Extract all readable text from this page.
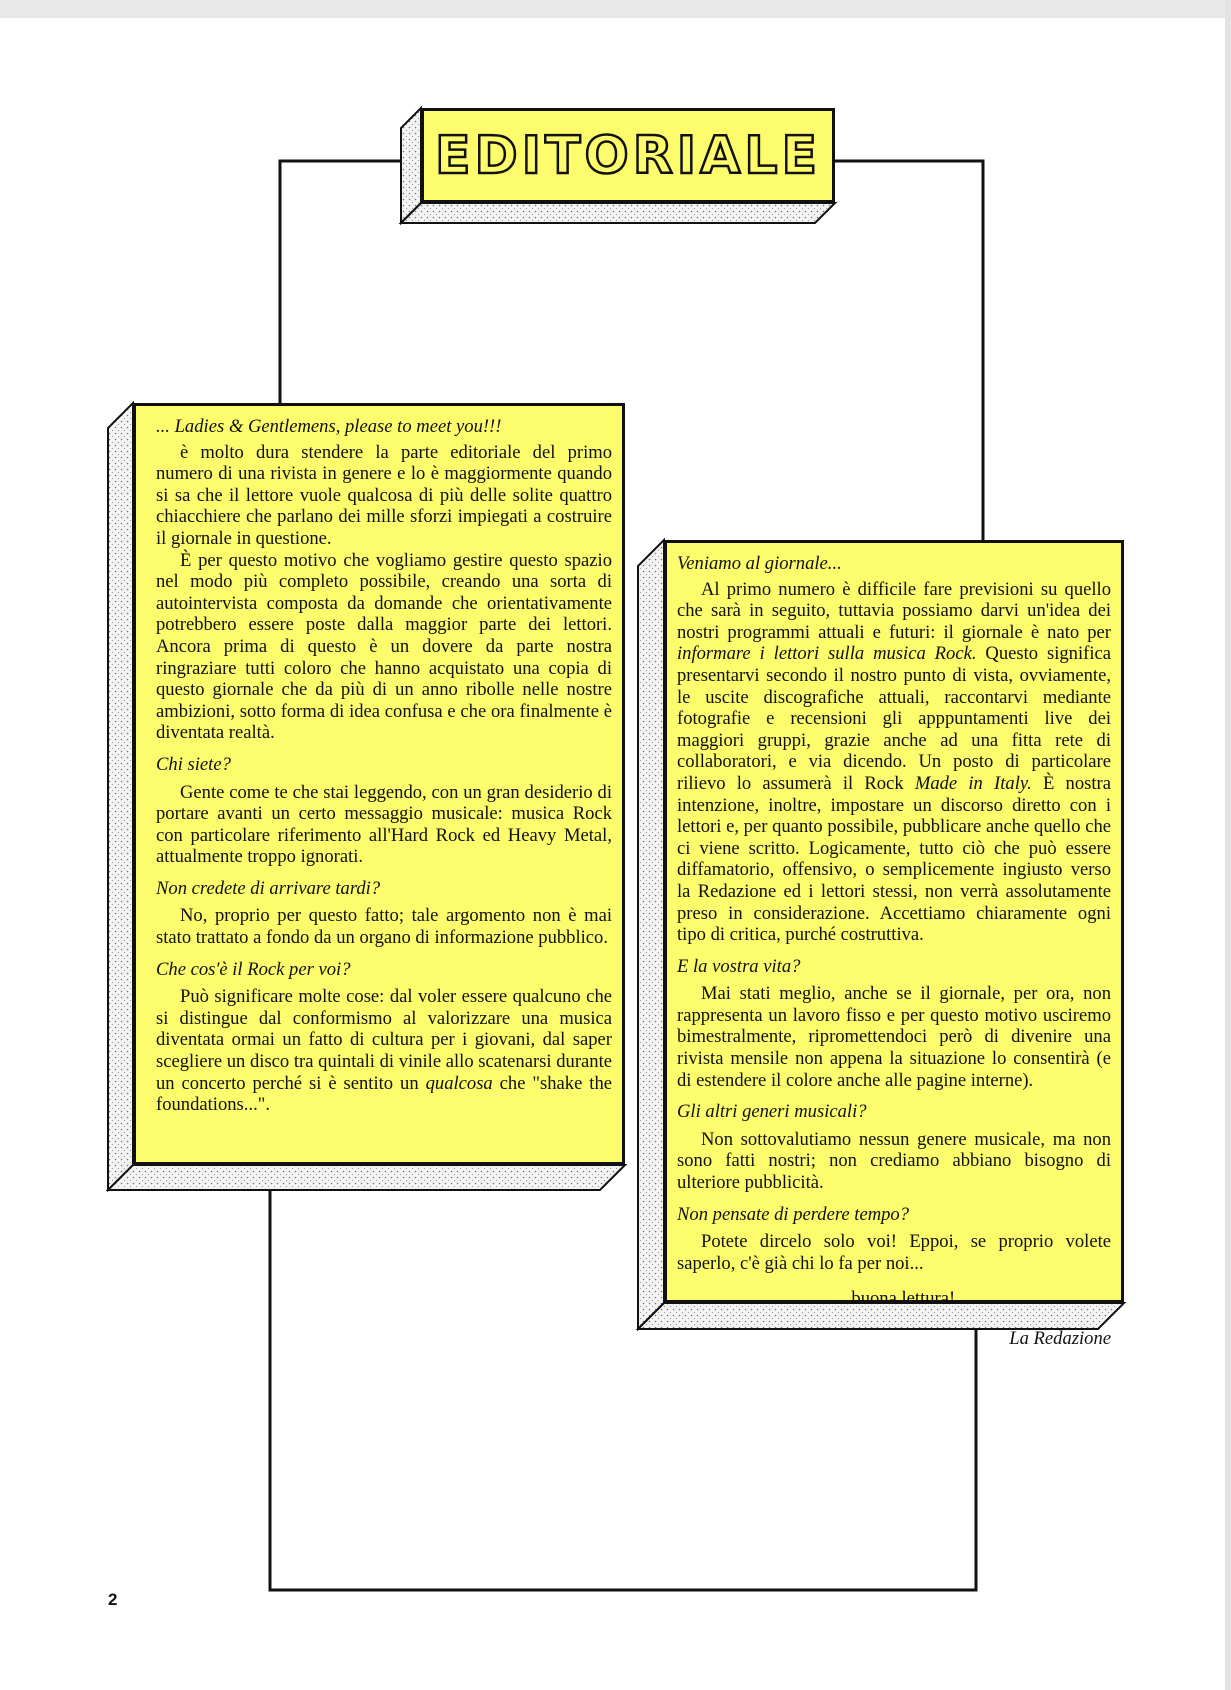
EDITORIALE

... Ladies & Gentlemens, please to meet you!!!

è molto dura stendere la parte editoriale del primo numero di una rivista in genere e lo è maggiormente quando si sa che il lettore vuole qualcosa di più delle solite quattro chiacchiere che parlano dei mille sforzi impiegati a costruire il giornale in questione.

È per questo motivo che vogliamo gestire questo spazio nel modo più completo possibile, creando una sorta di autointervista composta da domande che orientativamente potrebbero essere poste dalla maggior parte dei lettori. Ancora prima di questo è un dovere da parte nostra ringraziare tutti coloro che hanno acquistato una copia di questo giornale che da più di un anno ribolle nelle nostre ambizioni, sotto forma di idea confusa e che ora finalmente è diventata realtà.

Chi siete?

Gente come te che stai leggendo, con un gran desiderio di portare avanti un certo messaggio musicale: musica Rock con particolare riferimento all'Hard Rock ed Heavy Metal, attualmente troppo ignorati.

Non credete di arrivare tardi?

No, proprio per questo fatto; tale argomento non è mai stato trattato a fondo da un organo di informazione pubblico.

Che cos'è il Rock per voi?

Può significare molte cose: dal voler essere qualcuno che si distingue dal conformismo al valorizzare una musica diventata ormai un fatto di cultura per i giovani, dal saper scegliere un disco tra quintali di vinile allo scatenarsi durante un concerto perché si è sentito un qualcosa che "shake the foundations...".

Veniamo al giornale...

Al primo numero è difficile fare previsioni su quello che sarà in seguito, tuttavia possiamo darvi un'idea dei nostri programmi attuali e futuri: il giornale è nato per informare i lettori sulla musica Rock. Questo significa presentarvi secondo il nostro punto di vista, ovviamente, le uscite discografiche attuali, raccontarvi mediante fotografie e recensioni gli apppuntamenti live dei maggiori gruppi, grazie anche ad una fitta rete di collaboratori, e via dicendo. Un posto di particolare rilievo lo assumerà il Rock Made in Italy. È nostra intenzione, inoltre, impostare un discorso diretto con i lettori e, per quanto possibile, pubblicare anche quello che ci viene scritto. Logicamente, tutto ciò che può essere diffamatorio, offensivo, o semplicemente ingiusto verso la Redazione ed i lettori stessi, non verrà assolutamente preso in considerazione. Accettiamo chiaramente ogni tipo di critica, purché costruttiva.

E la vostra vita?

Mai stati meglio, anche se il giornale, per ora, non rappresenta un lavoro fisso e per questo motivo usciremo bimestralmente, ripromettendoci però di divenire una rivista mensile non appena la situazione lo consentirà (e di estendere il colore anche alle pagine interne).

Gli altri generi musicali?

Non sottovalutiamo nessun genere musicale, ma non sono fatti nostri; non crediamo abbiano bisogno di ulteriore pubblicità.

Non pensate di perdere tempo?

Potete dircelo solo voi! Eppoi, se proprio volete saperlo, c'è già chi lo fa per noi...

... buona lettura!

La Redazione

2
